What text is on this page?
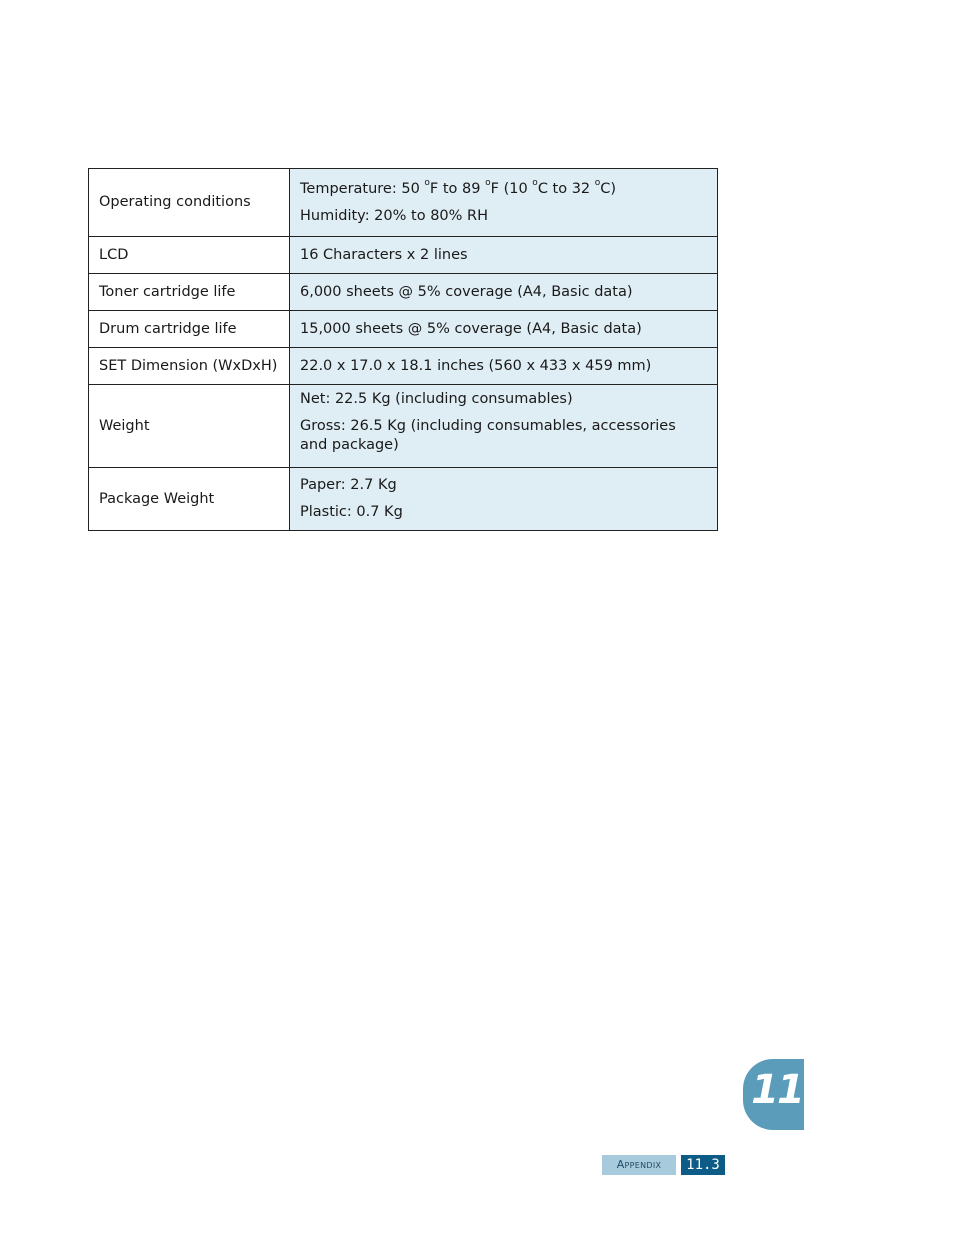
Operating conditions	Temperature: 50 $^o$F to 89 $^o$F (10 $^o$C to 32 $^o$C)
Humidity: 20% to 80% RH

LCD	16 Characters x 2 lines
Toner cartridge life	6,000 sheets @ 5% coverage (A4, Basic data)
Drum cartridge life	15,000 sheets @ 5% coverage (A4, Basic data)
SET Dimension (WxDxH)	22.0 x 17.0 x 18.1 inches (560 x 433 x 459 mm)
Weight	Net: 22.5 Kg (including consumables)
Gross: 26.5 Kg (including consumables, accessories and package)

Package Weight	Paper: 2.7 Kg
Plastic: 0.7 Kg
11
Appendix	11.3
